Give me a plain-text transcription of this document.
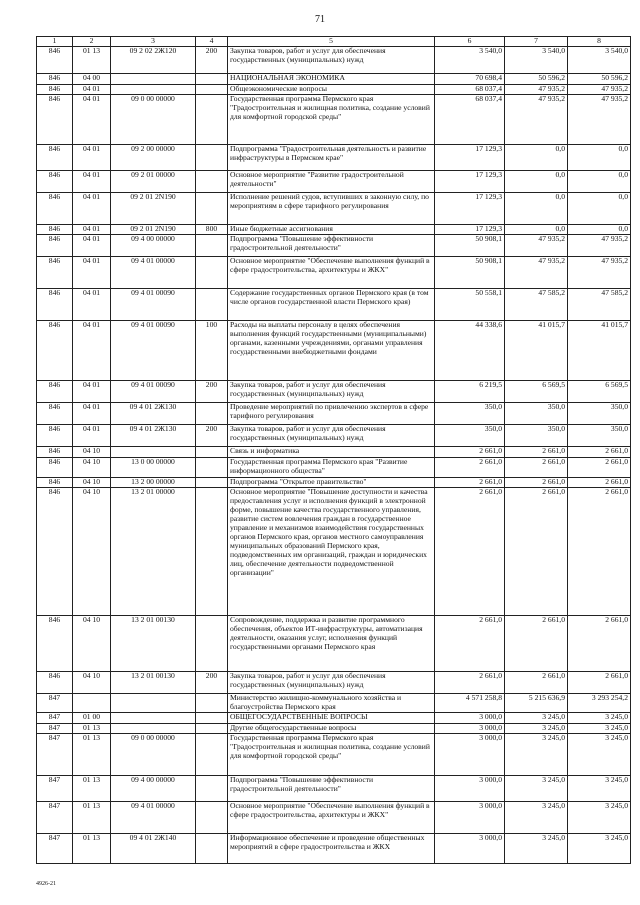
71
1	2	3	4	5	6	7	8
846	01 13	09 2 02 2Ж120	200	Закупка товаров, работ и услуг для обеспечения государственных (муниципальных) нужд	3 540,0	3 540,0	3 540,0
846	04 00			НАЦИОНАЛЬНАЯ ЭКОНОМИКА	70 698,4	50 596,2	50 596,2
846	04 01			Общеэкономические вопросы	68 037,4	47 935,2	47 935,2
846	04 01	09 0 00 00000		Государственная программа Пермского края "Градостроительная и жилищная политика, создание условий для комфортной городской среды"	68 037,4	47 935,2	47 935,2
846	04 01	09 2 00 00000		Подпрограмма "Градостроительная деятельность и развитие инфраструктуры в Пермском крае"	17 129,3	0,0	0,0
846	04 01	09 2 01 00000		Основное мероприятие "Развитие градостроительной деятельности"	17 129,3	0,0	0,0
846	04 01	09 2 01 2N190		Исполнение решений судов, вступивших в законную силу, по мероприятиям в сфере тарифного регулирования	17 129,3	0,0	0,0
846	04 01	09 2 01 2N190	800	Иные бюджетные ассигнования	17 129,3	0,0	0,0
846	04 01	09 4 00 00000		Подпрограмма "Повышение эффективности градостроительной деятельности"	50 908,1	47 935,2	47 935,2
846	04 01	09 4 01 00000		Основное мероприятие "Обеспечение выполнения функций в сфере градостроительства, архитектуры и ЖКХ"	50 908,1	47 935,2	47 935,2
846	04 01	09 4 01 00090		Содержание государственных органов Пермского края (в том числе органов государственной власти Пермского края)	50 558,1	47 585,2	47 585,2
846	04 01	09 4 01 00090	100	Расходы на выплаты персоналу в целях обеспечения выполнения функций государственными (муниципальными) органами, казенными учреждениями, органами управления государственными внебюджетными фондами	44 338,6	41 015,7	41 015,7
846	04 01	09 4 01 00090	200	Закупка товаров, работ и услуг для обеспечения государственных (муниципальных) нужд	6 219,5	6 569,5	6 569,5
846	04 01	09 4 01 2Ж130		Проведение мероприятий по привлечению экспертов в сфере тарифного регулирования	350,0	350,0	350,0
846	04 01	09 4 01 2Ж130	200	Закупка товаров, работ и услуг для обеспечения государственных (муниципальных) нужд	350,0	350,0	350,0
846	04 10			Связь и информатика	2 661,0	2 661,0	2 661,0
846	04 10	13 0 00 00000		Государственная программа Пермского края "Развитие информационного общества"	2 661,0	2 661,0	2 661,0
846	04 10	13 2 00 00000		Подпрограмма "Открытое правительство"	2 661,0	2 661,0	2 661,0
846	04 10	13 2 01 00000		Основное мероприятие "Повышение доступности и качества предоставления услуг и исполнения функций в электронной форме, повышение качества государственного управления, развитие систем вовлечения граждан в государственное управление и механизмов взаимодействия государственных органов Пермского края, органов местного самоуправления муниципальных образований Пермского края, подведомственных им организаций, граждан и юридических лиц, обеспечение деятельности подведомственной организации"	2 661,0	2 661,0	2 661,0
846	04 10	13 2 01 00130		Сопровождение, поддержка и развитие программного обеспечения, объектов ИТ-инфраструктуры, автоматизация деятельности, оказания услуг, исполнения функций государственными органами Пермского края	2 661,0	2 661,0	2 661,0
846	04 10	13 2 01 00130	200	Закупка товаров, работ и услуг для обеспечения государственных (муниципальных) нужд	2 661,0	2 661,0	2 661,0
847				Министерство жилищно-коммунального хозяйства и благоустройства Пермского края	4 571 258,8	5 215 636,9	3 293 254,2
847	01 00			ОБЩЕГОСУДАРСТВЕННЫЕ ВОПРОСЫ	3 000,0	3 245,0	3 245,0
847	01 13			Другие общегосударственные вопросы	3 000,0	3 245,0	3 245,0
847	01 13	09 0 00 00000		Государственная программа Пермского края "Градостроительная и жилищная политика, создание условий для комфортной городской среды"	3 000,0	3 245,0	3 245,0
847	01 13	09 4 00 00000		Подпрограмма "Повышение эффективности градостроительной деятельности"	3 000,0	3 245,0	3 245,0
847	01 13	09 4 01 00000		Основное мероприятие "Обеспечение выполнения функций в сфере градостроительства, архитектуры и ЖКХ"	3 000,0	3 245,0	3 245,0
847	01 13	09 4 01 2Ж140		Информационное обеспечение и проведение общественных мероприятий в сфере градостроительства и ЖКХ	3 000,0	3 245,0	3 245,0
4926-21
